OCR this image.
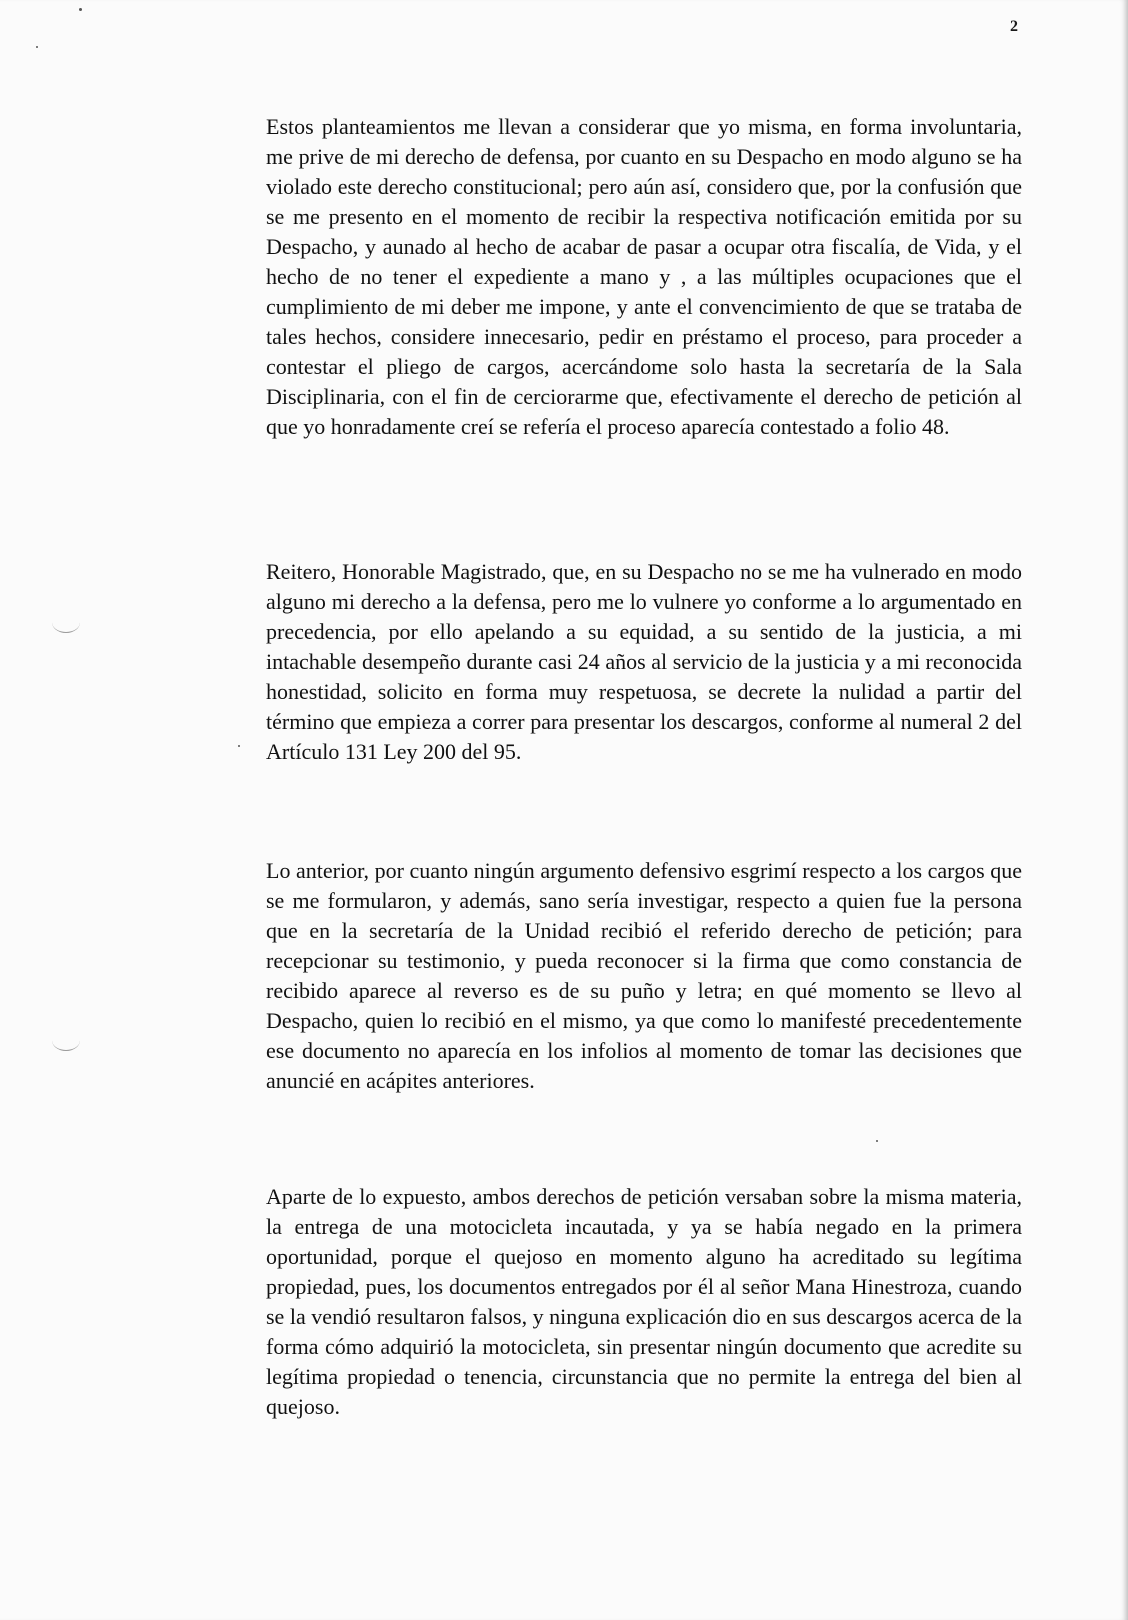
2

Estos planteamientos me llevan a considerar que yo misma, en forma involuntaria, me prive de mi derecho de defensa, por cuanto en su Despacho en modo alguno se ha violado este derecho constitucional; pero aún así, considero que, por la confusión que se me presento en el momento de recibir la respectiva notificación emitida por su Despacho, y aunado al hecho de acabar de pasar a ocupar otra fiscalía, de Vida, y el hecho de no tener el expediente a mano y , a las múltiples ocupaciones que el cumplimiento de mi deber me impone, y ante el convencimiento de que se trataba de tales hechos, considere innecesario, pedir en préstamo el proceso, para proceder a contestar el pliego de cargos, acercándome solo hasta la secretaría de la Sala Disciplinaria, con el fin de cerciorarme que, efectivamente el derecho de petición al que yo honradamente creí se refería el proceso aparecía contestado a folio 48.

Reitero, Honorable Magistrado, que, en su Despacho no se me ha vulnerado en modo alguno mi derecho a la defensa, pero me lo vulnere yo conforme a lo argumentado en precedencia, por ello apelando a su equidad, a su sentido de la justicia, a mi intachable desempeño durante casi 24 años al servicio de la justicia y a mi reconocida honestidad, solicito en forma muy respetuosa, se decrete la nulidad a partir del término que empieza a correr para presentar los descargos, conforme al numeral 2 del Artículo 131 Ley 200 del 95.

Lo anterior, por cuanto ningún argumento defensivo esgrimí respecto a los cargos que se me formularon, y además, sano sería investigar, respecto a quien fue la persona que en la secretaría de la Unidad recibió el referido derecho de petición; para recepcionar su testimonio, y pueda reconocer si la firma que como constancia de recibido aparece al reverso es de su puño y letra; en qué momento se llevo al Despacho, quien lo recibió en el mismo, ya que como lo manifesté precedentemente ese documento no aparecía en los infolios al momento de tomar las decisiones que anuncié en acápites anteriores.

Aparte de lo expuesto, ambos derechos de petición versaban sobre la misma materia, la entrega de una motocicleta incautada, y ya se había negado en la primera oportunidad, porque el quejoso en momento alguno ha acreditado su legítima propiedad, pues, los documentos entregados por él al señor Mana Hinestroza, cuando se la vendió resultaron falsos, y ninguna explicación dio en sus descargos acerca de la forma cómo adquirió la motocicleta, sin presentar ningún documento que acredite su legítima propiedad o tenencia, circunstancia que no permite la entrega del bien al quejoso.
